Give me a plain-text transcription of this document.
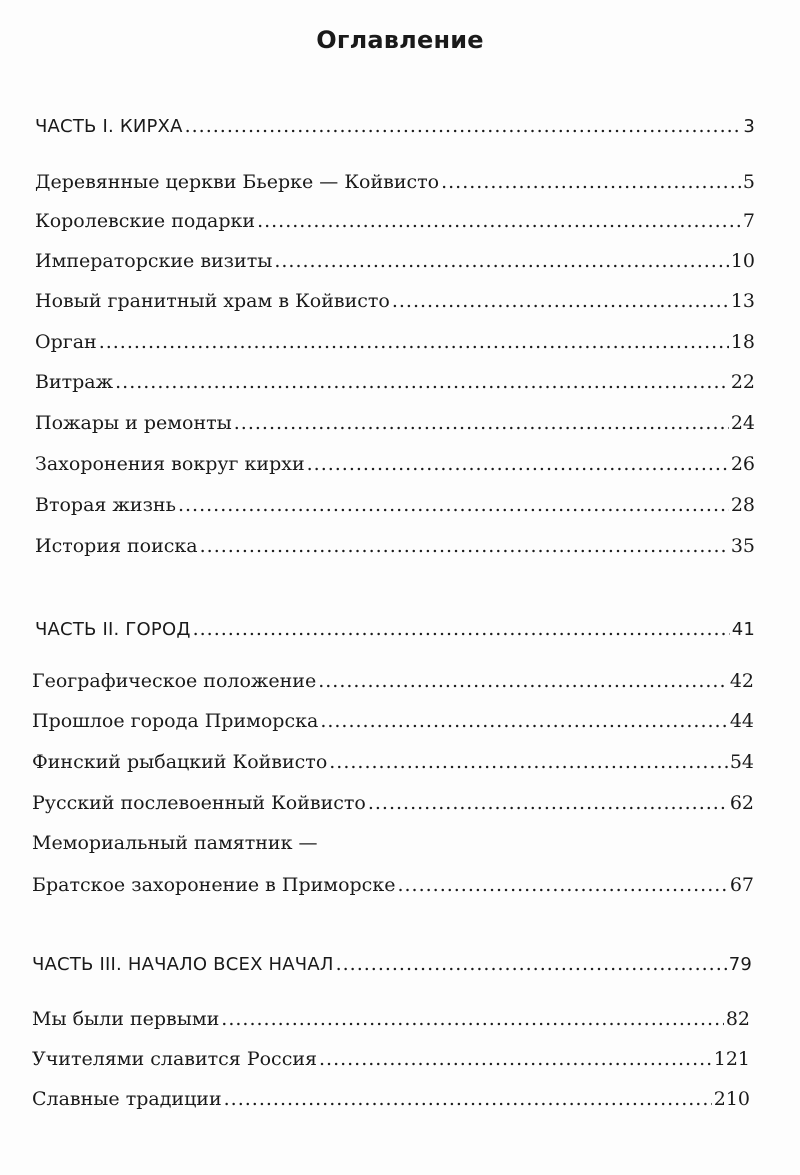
Оглавление
ЧАСТЬ I. КИРХА .....	3
Деревянные церкви Бьерке — Койвисто .....	5
Королевские подарки .....	7
Императорские визиты .....	10
Новый гранитный храм в Койвисто .....	13
Орган .....	18
Витраж .....	22
Пожары и ремонты .....	24
Захоронения вокруг кирхи .....	26
Вторая жизнь .....	28
История поиска .....	35
ЧАСТЬ II. ГОРОД .....	41
Географическое положение .....	42
Прошлое города Приморска .....	44
Финский рыбацкий Койвисто .....	54
Русский послевоенный Койвисто .....	62
Мемориальный памятник —
Братское захоронение в Приморске .....	67
ЧАСТЬ III. НАЧАЛО ВСЕХ НАЧАЛ .....	79
Мы были первыми .....	82
Учителями славится Россия .....	121
Славные традиции .....	210
